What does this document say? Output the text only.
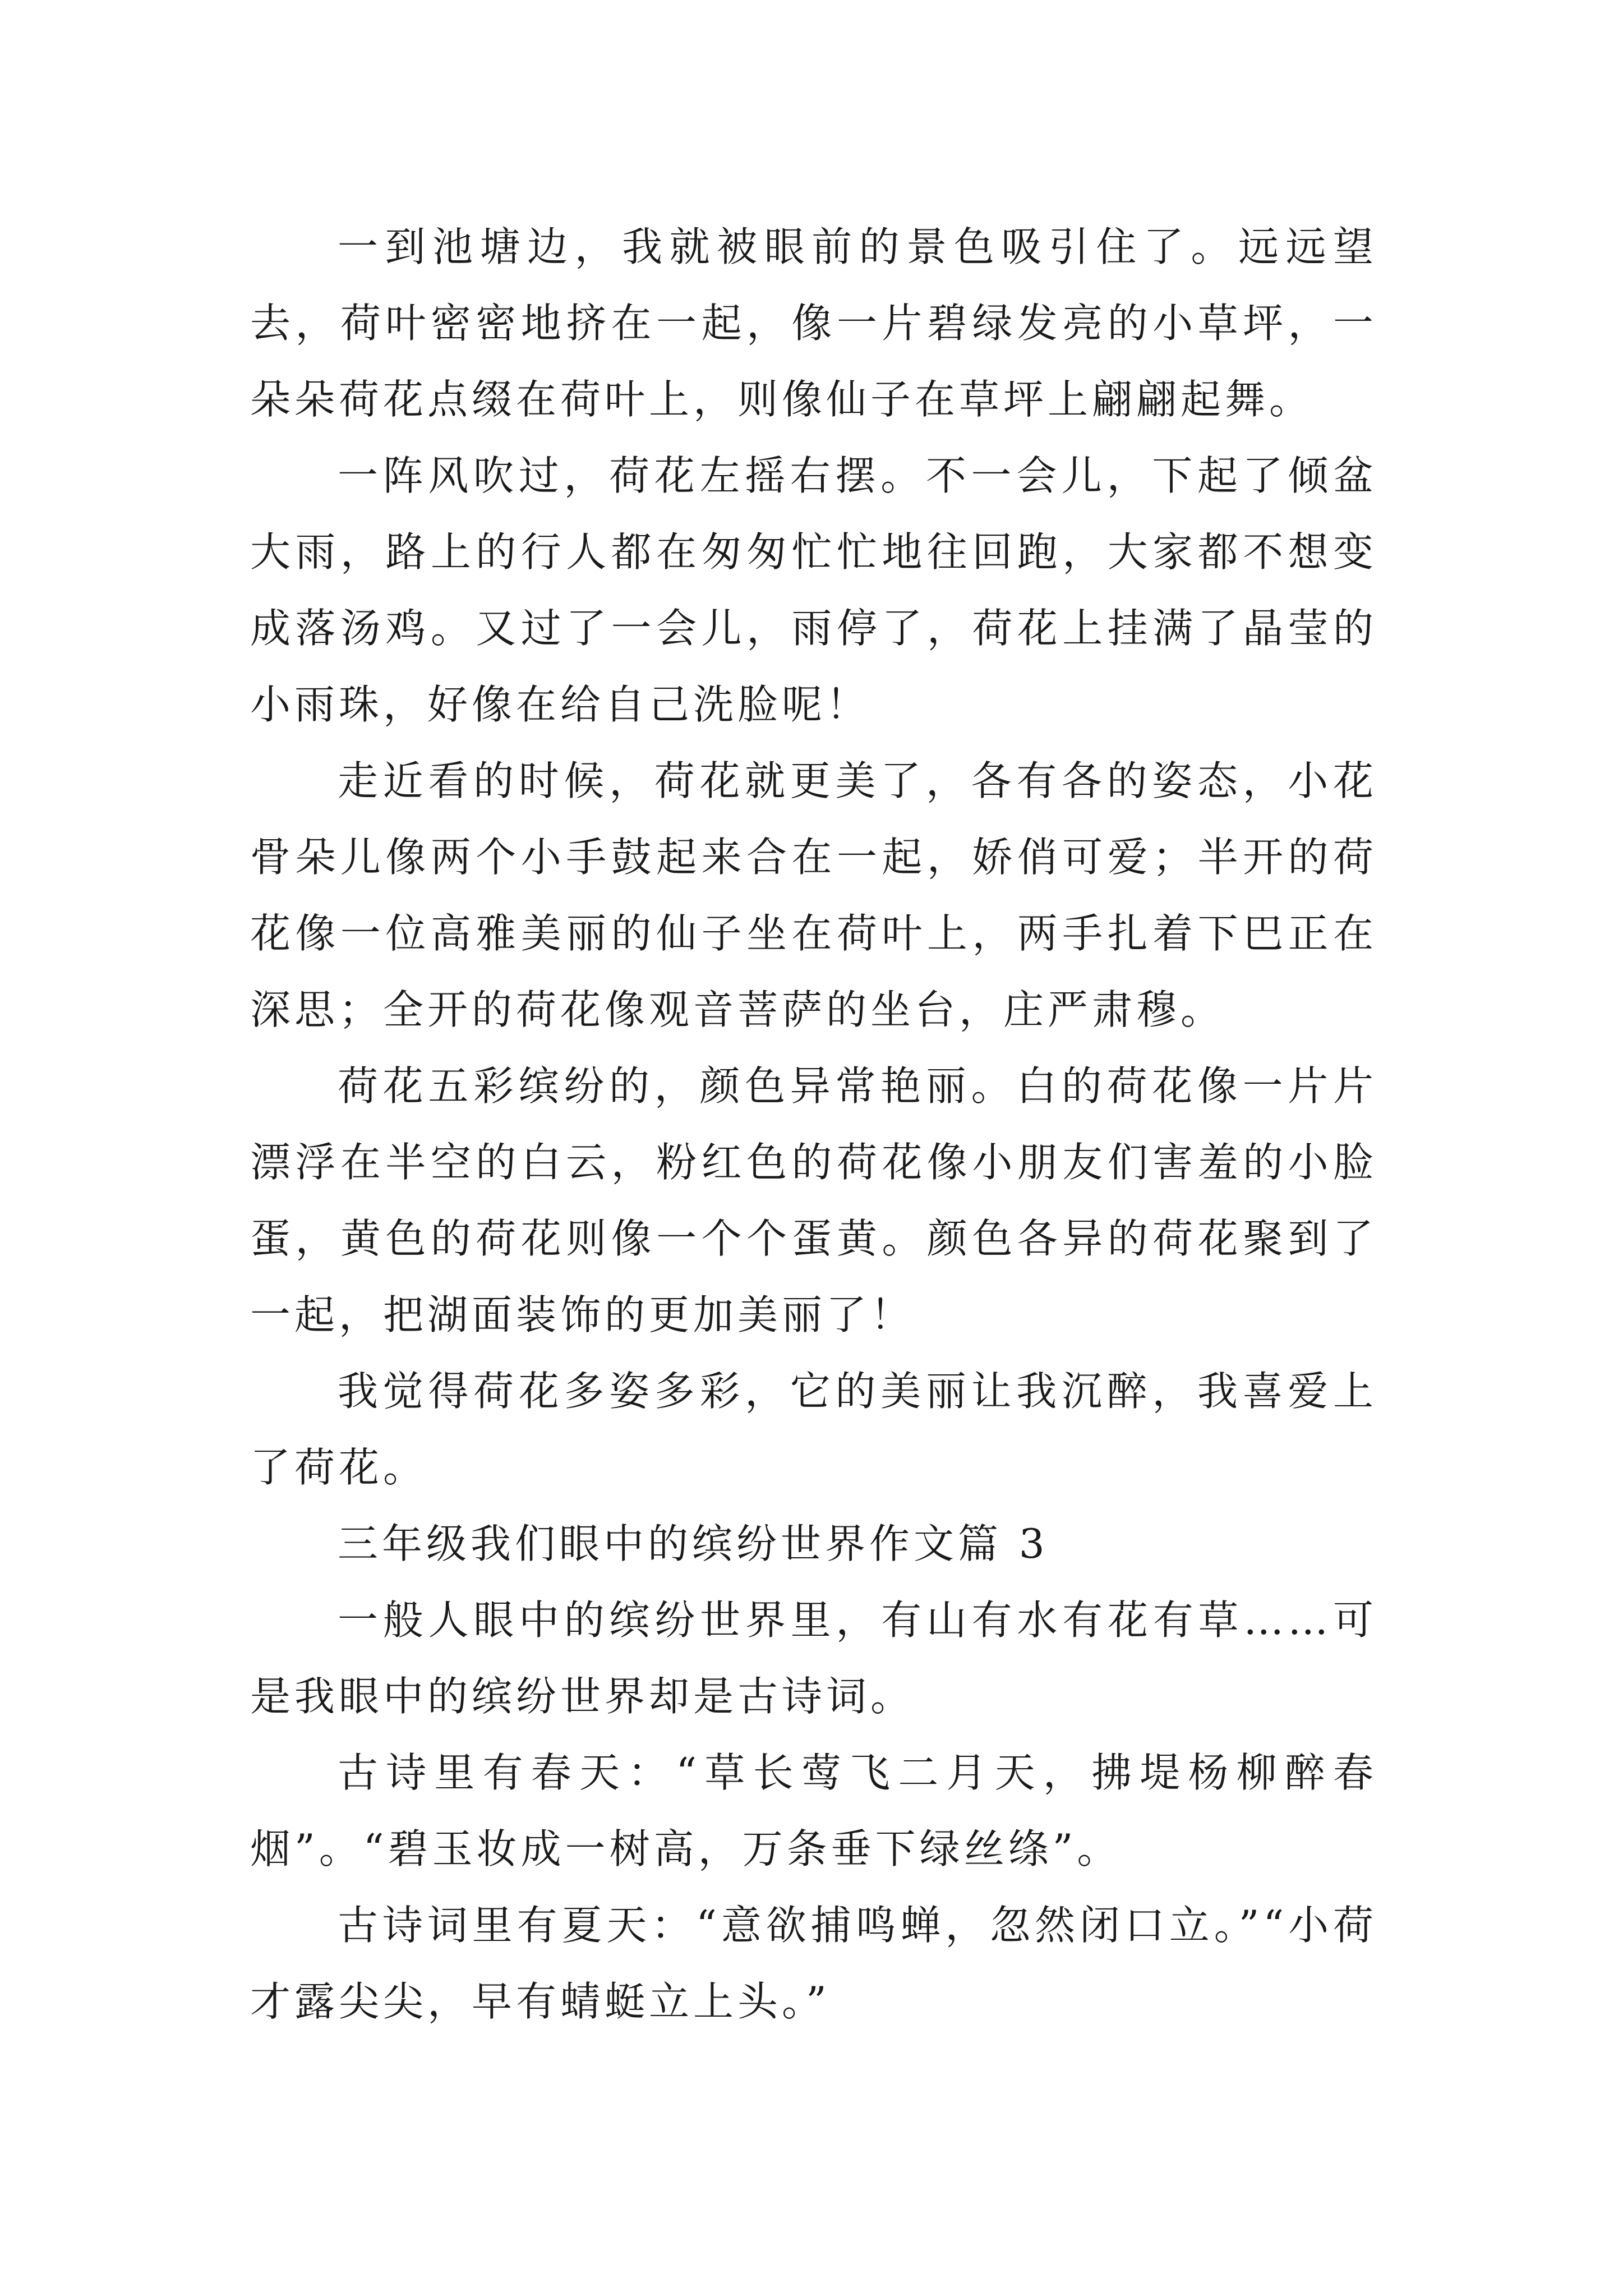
一到池塘边，我就被眼前的景色吸引住了。远远望去，荷叶密密地挤在一起，像一片碧绿发亮的小草坪，一朵朵荷花点缀在荷叶上，则像仙子在草坪上翩翩起舞。

一阵风吹过，荷花左摇右摆。不一会儿，下起了倾盆大雨，路上的行人都在匆匆忙忙地往回跑，大家都不想变成落汤鸡。又过了一会儿，雨停了，荷花上挂满了晶莹的小雨珠，好像在给自己洗脸呢！

走近看的时候，荷花就更美了，各有各的姿态，小花骨朵儿像两个小手鼓起来合在一起，娇俏可爱；半开的荷花像一位高雅美丽的仙子坐在荷叶上，两手扎着下巴正在深思；全开的荷花像观音菩萨的坐台，庄严肃穆。

荷花五彩缤纷的，颜色异常艳丽。白的荷花像一片片漂浮在半空的白云，粉红色的荷花像小朋友们害羞的小脸蛋，黄色的荷花则像一个个蛋黄。颜色各异的荷花聚到了一起，把湖面装饰的更加美丽了！

我觉得荷花多姿多彩，它的美丽让我沉醉，我喜爱上了荷花。

三年级我们眼中的缤纷世界作文篇 3

一般人眼中的缤纷世界里，有山有水有花有草……可是我眼中的缤纷世界却是古诗词。

古诗里有春天：“草长莺飞二月天，拂堤杨柳醉春烟”。“碧玉妆成一树高，万条垂下绿丝绦”。

古诗词里有夏天：“意欲捕鸣蝉，忽然闭口立。”“小荷才露尖尖，早有蜻蜓立上头。”
